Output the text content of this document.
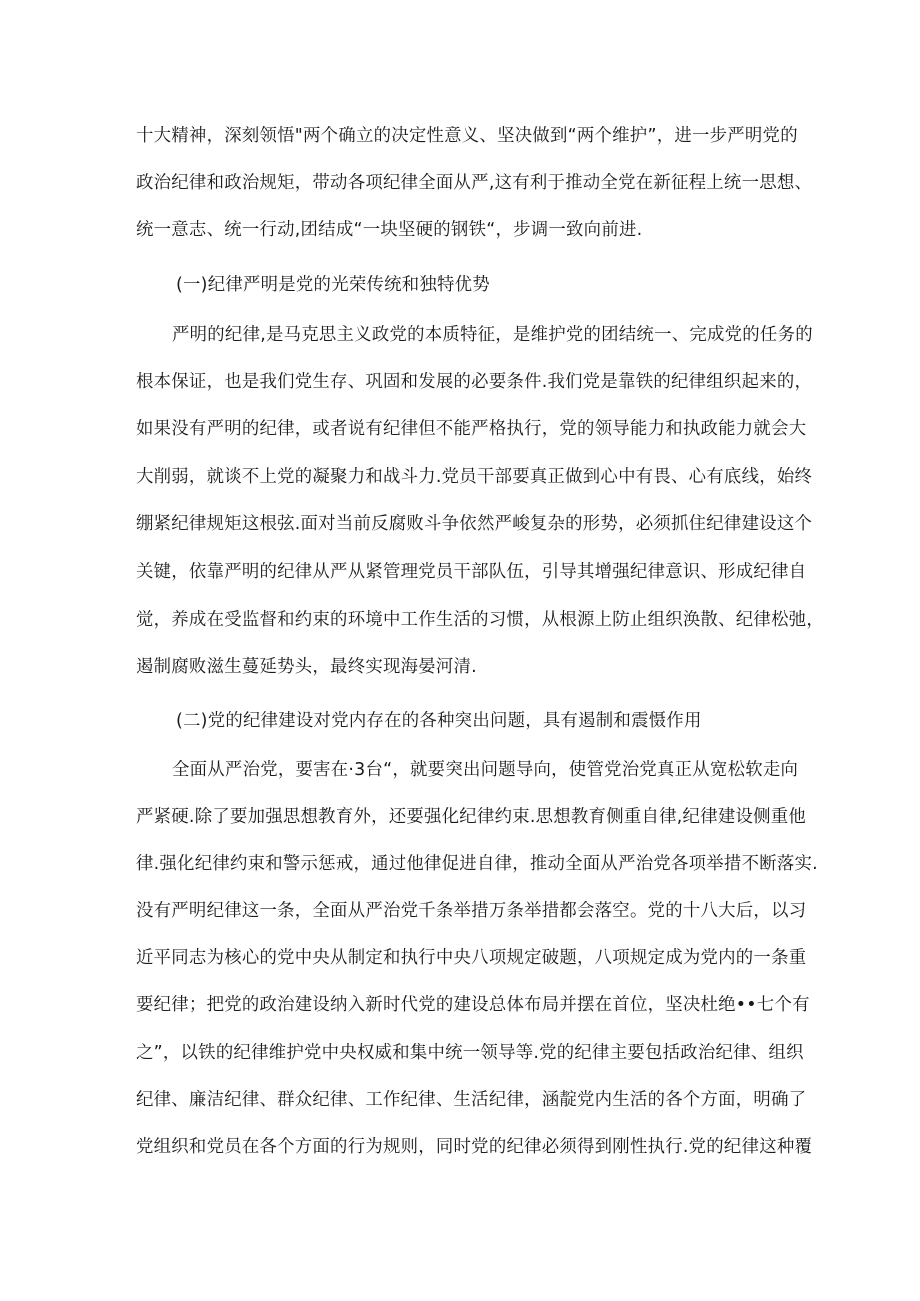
十大精神，深刻领悟"两个确立的决定性意义、坚决做到“两个维护”，进一步严明党的
政治纪律和政治规矩，带动各项纪律全面从严,这有利于推动全党在新征程上统一思想、
统一意志、统一行动,团结成“一块坚硬的钢铁“，步调一致向前进.
(一)纪律严明是党的光荣传统和独特优势
严明的纪律,是马克思主义政党的本质特征，是维护党的团结统一、完成党的任务的
根本保证，也是我们党生存、巩固和发展的必要条件.我们党是靠铁的纪律组织起来的，
如果没有严明的纪律，或者说有纪律但不能严格执行，党的领导能力和执政能力就会大
大削弱，就谈不上党的凝聚力和战斗力.党员干部要真正做到心中有畏、心有底线，始终
绷紧纪律规矩这根弦.面对当前反腐败斗争依然严峻复杂的形势，必须抓住纪律建设这个
关键，依靠严明的纪律从严从紧管理党员干部队伍，引导其增强纪律意识、形成纪律自
觉，养成在受监督和约束的环境中工作生活的习惯，从根源上防止组织涣散、纪律松弛，
遏制腐败滋生蔓延势头，最终实现海晏河清.
(二)党的纪律建设对党内存在的各种突出问题，具有遏制和震慑作用
全面从严治党，要害在·3台“，就要突出问题导向，使管党治党真正从宽松软走向
严紧硬.除了要加强思想教育外，还要强化纪律约束.思想教育侧重自律,纪律建设侧重他
律.强化纪律约束和警示惩戒，通过他律促进自律，推动全面从严治党各项举措不断落实.
没有严明纪律这一条，全面从严治党千条举措万条举措都会落空。党的十八大后，以习
近平同志为核心的党中央从制定和执行中央八项规定破题，八项规定成为党内的一条重
要纪律；把党的政治建设纳入新时代党的建设总体布局并摆在首位，坚决杜绝••七个有
之”，以铁的纪律维护党中央权威和集中统一领导等.党的纪律主要包括政治纪律、组织
纪律、廉洁纪律、群众纪律、工作纪律、生活纪律，涵靛党内生活的各个方面，明确了
党组织和党员在各个方面的行为规则，同时党的纪律必须得到刚性执行.党的纪律这种覆
